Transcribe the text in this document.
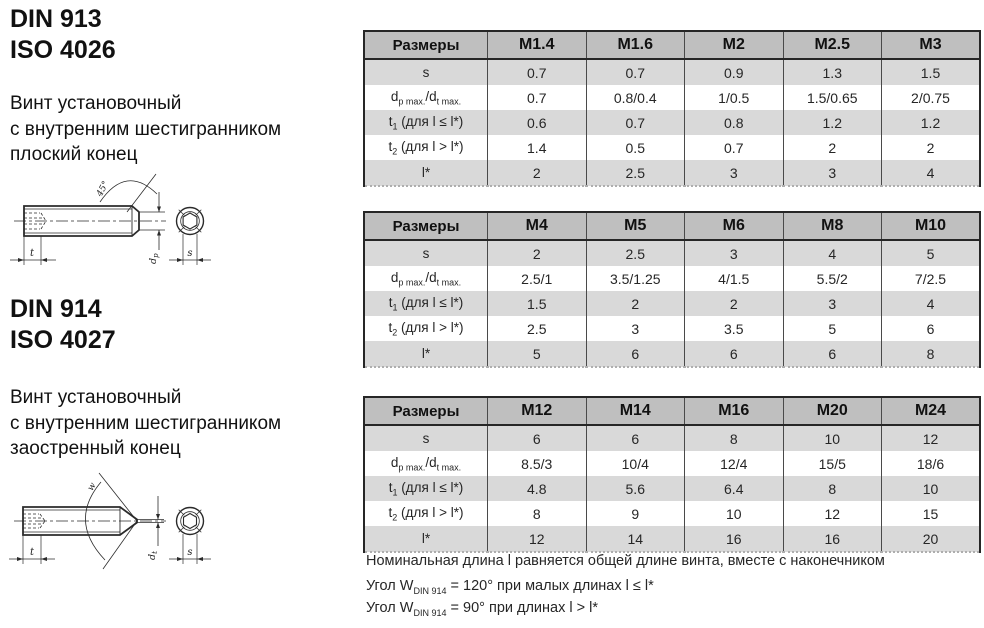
DIN 913
ISO 4026
Винт установочный
с внутренним шестигранником
плоский конец
45°
$d_p$
t	s
DIN 914
ISO 4027
Винт установочный
с внутренним шестигранником
заостренный конец
w
$d_t$
t	s
Размеры	M1.4	M1.6	M2	M2.5	M3
s	0.7	0.7	0.9	1.3	1.5
$d_{p max.}/d_{t max.}$	0.7	0.8/0.4	1/0.5	1.5/0.65	2/0.75
$t_1$ (для l ≤ l*)	0.6	0.7	0.8	1.2	1.2
$t_2$ (для l > l*)	1.4	0.5	0.7	2	2
l*	2	2.5	3	3	4
Размеры	M4	M5	M6	M8	M10
s	2	2.5	3	4	5
$d_{p max.}/d_{t max.}$	2.5/1	3.5/1.25	4/1.5	5.5/2	7/2.5
$t_1$ (для l ≤ l*)	1.5	2	2	3	4
$t_2$ (для l > l*)	2.5	3	3.5	5	6
l*	5	6	6	6	8
Размеры	M12	M14	M16	M20	M24
s	6	6	8	10	12
$d_{p max.}/d_{t max.}$	8.5/3	10/4	12/4	15/5	18/6
$t_1$ (для l ≤ l*)	4.8	5.6	6.4	8	10
$t_2$ (для l > l*)	8	9	10	12	15
l*	12	14	16	16	20
Номинальная длина l равняется общей длине винта, вместе с наконечником
Угол $W_{DIN 914} = 120^\circ$ при малых длинах l ≤ l*
Угол $W_{DIN 914} = 90^\circ$ при длинах l > l*
